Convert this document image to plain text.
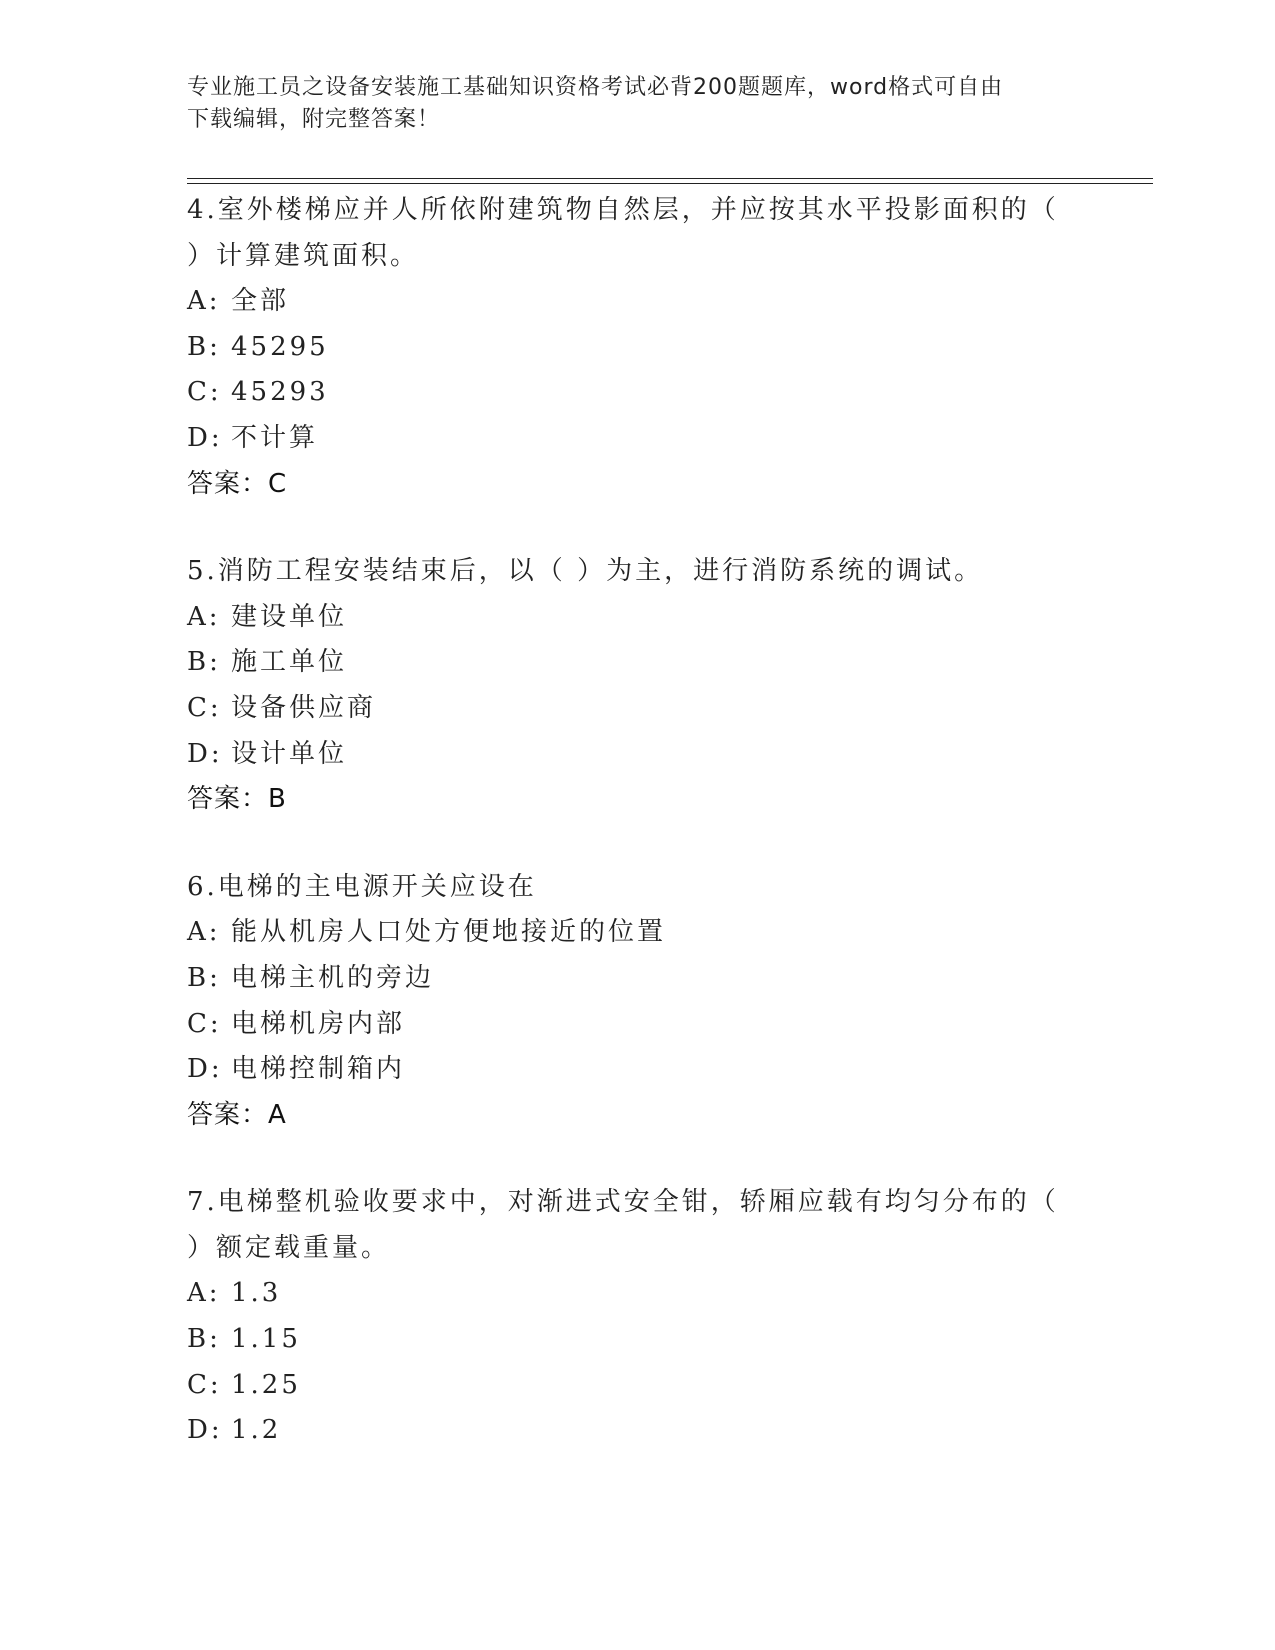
专业施工员之设备安装施工基础知识资格考试必背200题题库，word格式可自由
下载编辑，附完整答案！
4.室外楼梯应并人所依附建筑物自然层，并应按其水平投影面积的（
）计算建筑面积。
A: 全部
B: 45295
C: 45293
D: 不计算
答案：C
5.消防工程安装结束后，以（ ）为主，进行消防系统的调试。
A: 建设单位
B: 施工单位
C: 设备供应商
D: 设计单位
答案：B
6.电梯的主电源开关应设在
A: 能从机房人口处方便地接近的位置
B: 电梯主机的旁边
C: 电梯机房内部
D: 电梯控制箱内
答案：A
7.电梯整机验收要求中，对渐进式安全钳，轿厢应载有均匀分布的（
）额定载重量。
A: 1.3
B: 1.15
C: 1.25
D: 1.2
